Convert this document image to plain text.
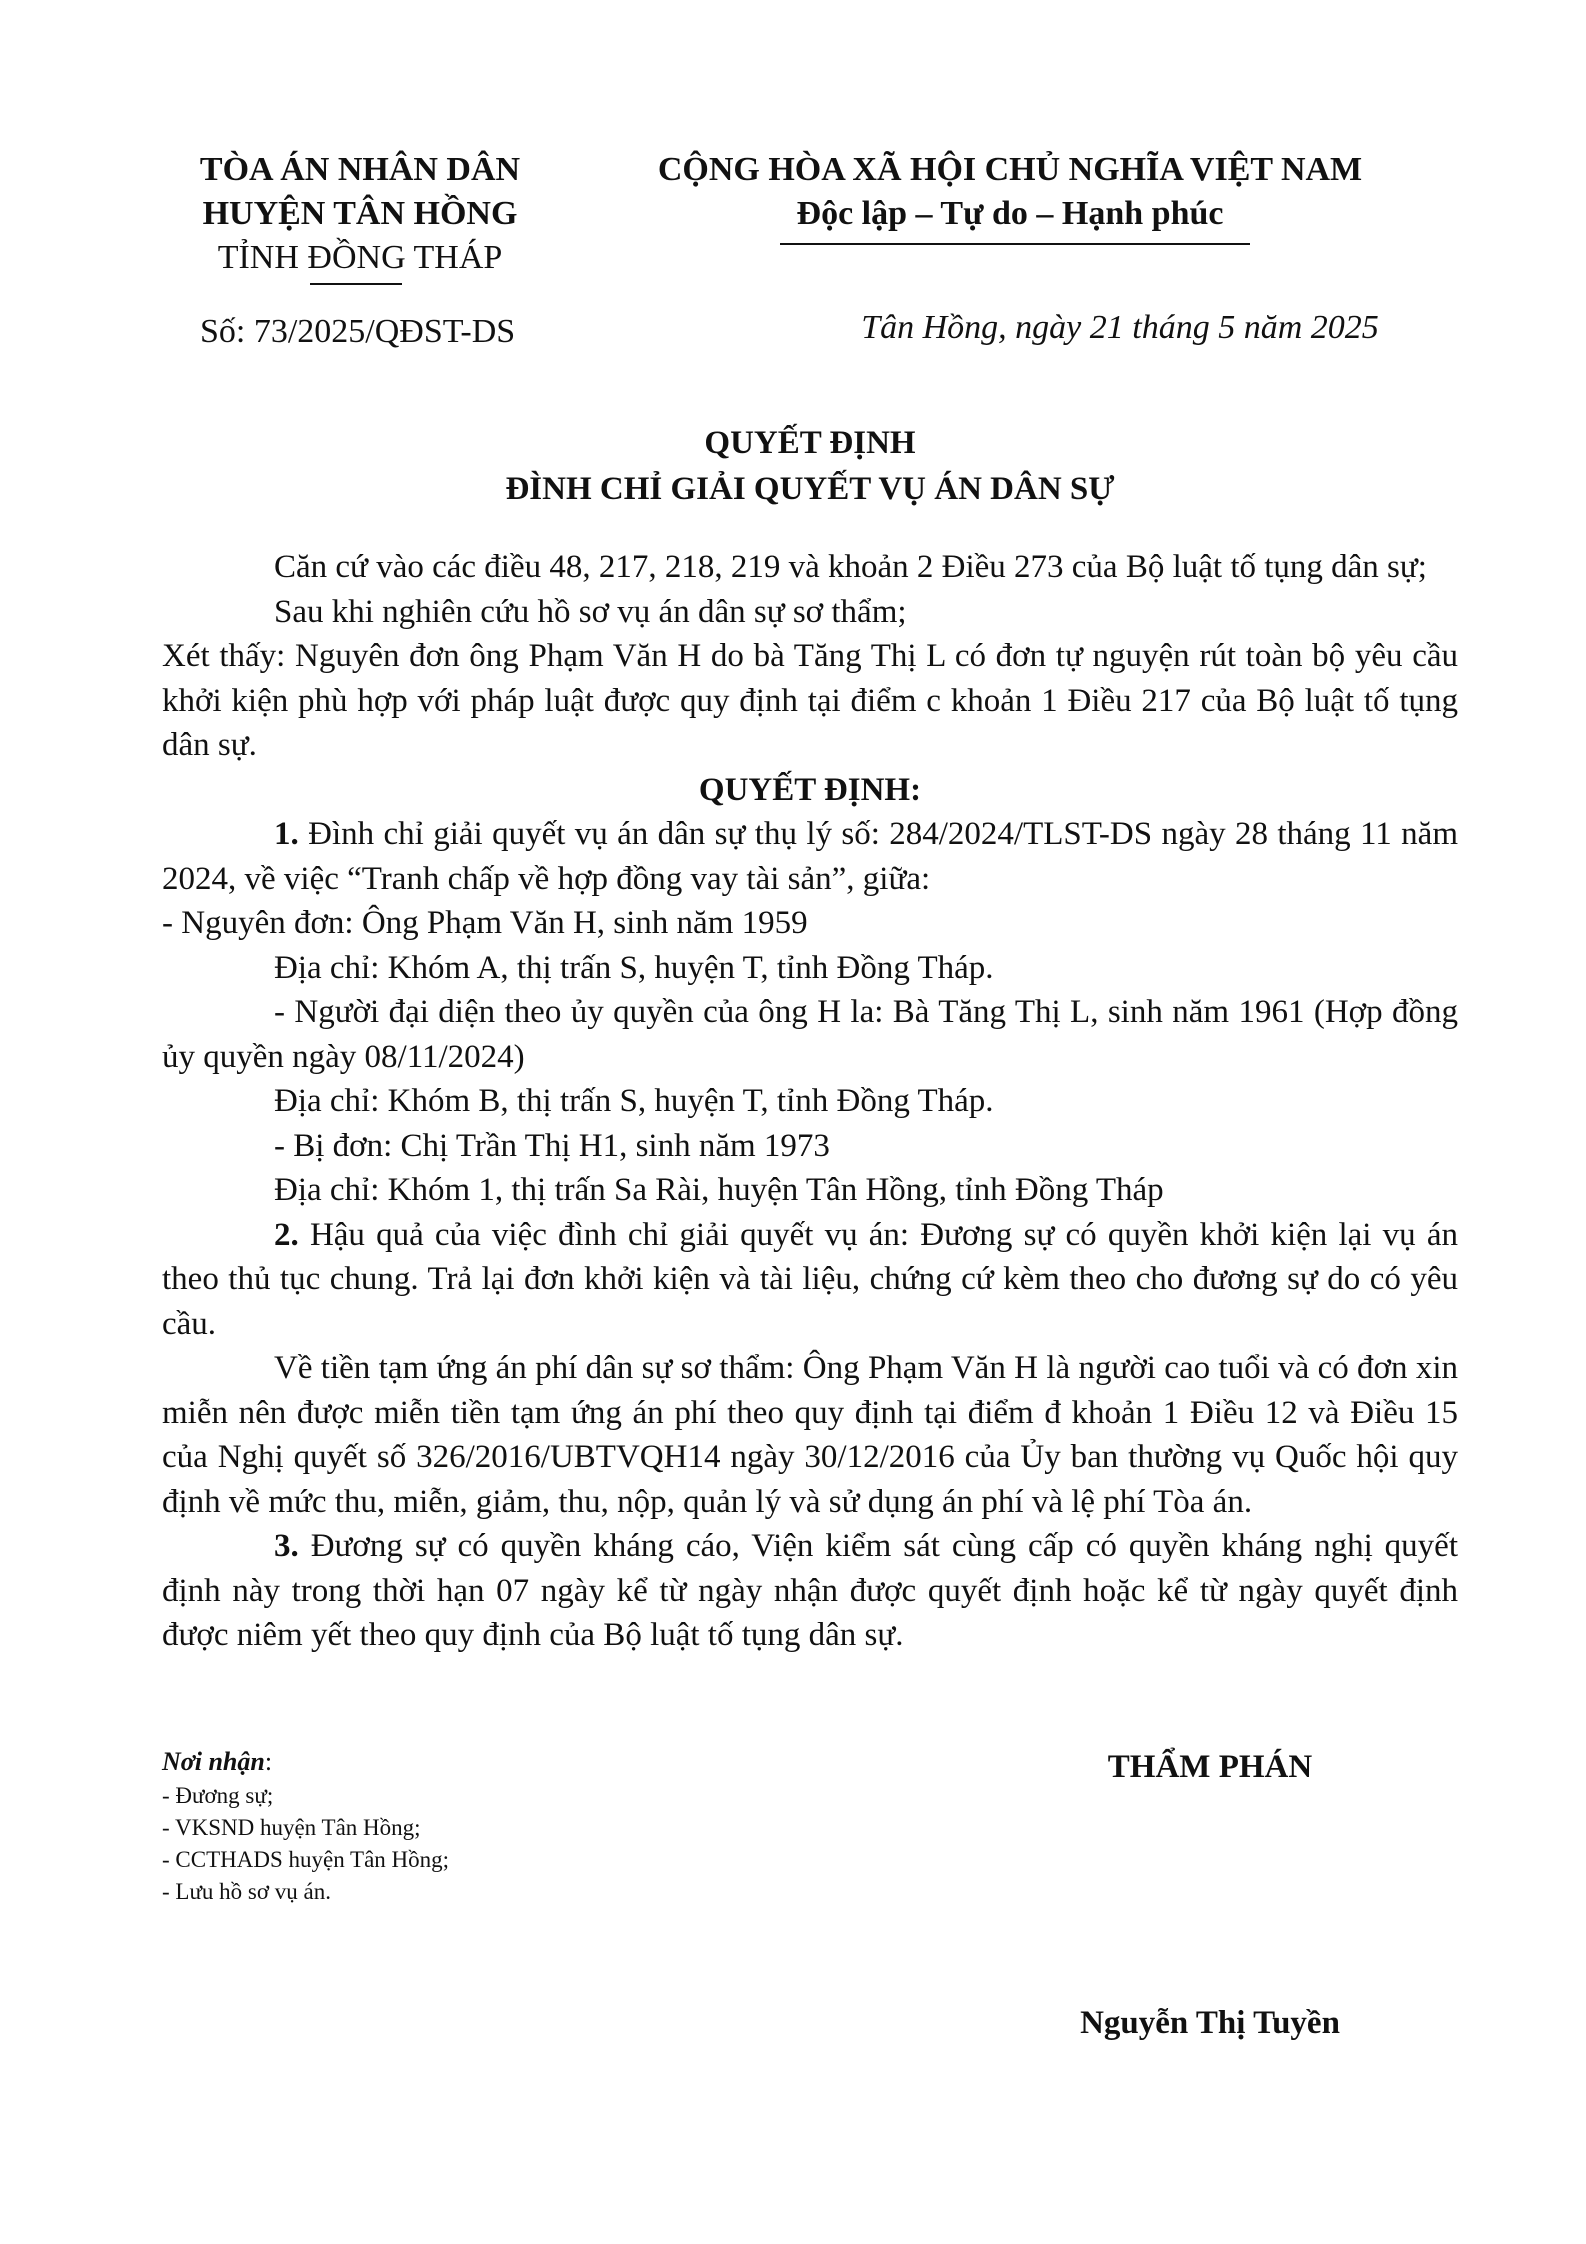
TÒA ÁN NHÂN DÂN
HUYỆN TÂN HỒNG
TỈNH ĐỒNG THÁP
Số: 73/2025/QĐST-DS
CỘNG HÒA XÃ HỘI CHỦ NGHĨA VIỆT NAM
Độc lập – Tự do – Hạnh phúc
Tân Hồng, ngày 21 tháng 5 năm 2025
QUYẾT ĐỊNH
ĐÌNH CHỈ GIẢI QUYẾT VỤ ÁN DÂN SỰ

Căn cứ vào các điều 48, 217, 218, 219 và khoản 2 Điều 273 của Bộ luật tố tụng dân sự;

Sau khi nghiên cứu hồ sơ vụ án dân sự sơ thẩm;

Xét thấy: Nguyên đơn ông Phạm Văn H do bà Tăng Thị L có đơn tự nguyện rút toàn bộ yêu cầu khởi kiện phù hợp với pháp luật được quy định tại điểm c khoản 1 Điều 217 của Bộ luật tố tụng dân sự.

QUYẾT ĐỊNH:

1. Đình chỉ giải quyết vụ án dân sự thụ lý số: 284/2024/TLST-DS ngày 28 tháng 11 năm 2024, về việc “Tranh chấp về hợp đồng vay tài sản”, giữa:

- Nguyên đơn: Ông Phạm Văn H, sinh năm 1959

Địa chỉ: Khóm A, thị trấn S, huyện T, tỉnh Đồng Tháp.

- Người đại diện theo ủy quyền của ông H la: Bà Tăng Thị L, sinh năm 1961 (Hợp đồng ủy quyền ngày 08/11/2024)

Địa chỉ: Khóm B, thị trấn S, huyện T, tỉnh Đồng Tháp.

- Bị đơn: Chị Trần Thị H1, sinh năm 1973

Địa chỉ: Khóm 1, thị trấn Sa Rài, huyện Tân Hồng, tỉnh Đồng Tháp

2. Hậu quả của việc đình chỉ giải quyết vụ án: Đương sự có quyền khởi kiện lại vụ án theo thủ tục chung. Trả lại đơn khởi kiện và tài liệu, chứng cứ kèm theo cho đương sự do có yêu cầu.

Về tiền tạm ứng án phí dân sự sơ thẩm: Ông Phạm Văn H là người cao tuổi và có đơn xin miễn nên được miễn tiền tạm ứng án phí theo quy định tại điểm đ khoản 1 Điều 12 và Điều 15 của Nghị quyết số 326/2016/UBTVQH14 ngày 30/12/2016 của Ủy ban thường vụ Quốc hội quy định về mức thu, miễn, giảm, thu, nộp, quản lý và sử dụng án phí và lệ phí Tòa án.

3. Đương sự có quyền kháng cáo, Viện kiểm sát cùng cấp có quyền kháng nghị quyết định này trong thời hạn 07 ngày kể từ ngày nhận được quyết định hoặc kể từ ngày quyết định được niêm yết theo quy định của Bộ luật tố tụng dân sự.

Nơi nhận:
- Đương sự;
- VKSND huyện Tân Hồng;
- CCTHADS huyện Tân Hồng;
- Lưu hồ sơ vụ án.
THẨM PHÁN
Nguyễn Thị Tuyền
